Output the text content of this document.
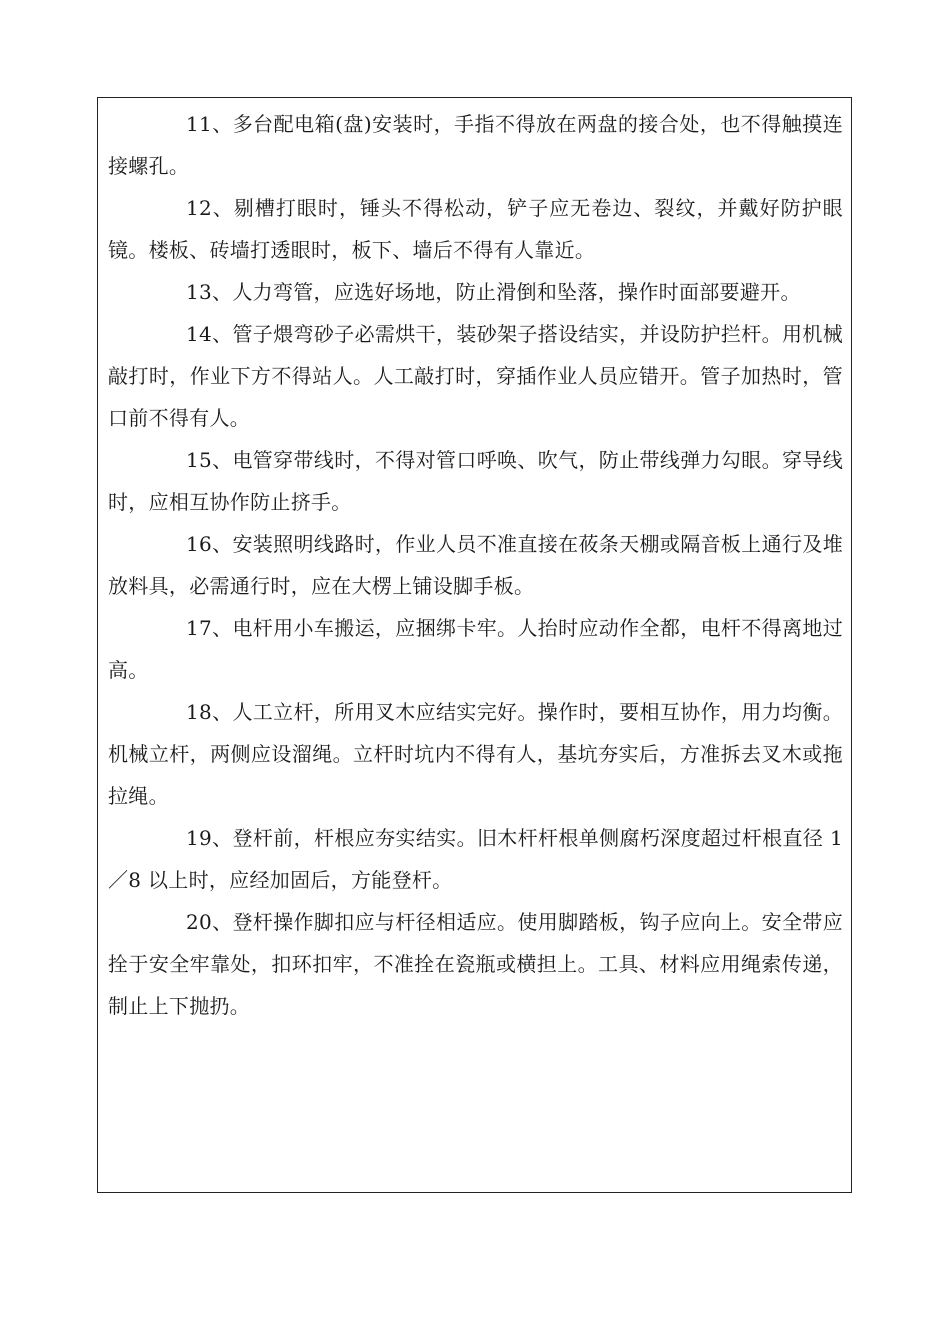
11、多台配电箱(盘)安装时，手指不得放在两盘的接合处，也不得触摸连接螺孔。

12、剔槽打眼时，锤头不得松动，铲子应无卷边、裂纹，并戴好防护眼镜。楼板、砖墙打透眼时，板下、墙后不得有人靠近。

13、人力弯管，应选好场地，防止滑倒和坠落，操作时面部要避开。

14、管子煨弯砂子必需烘干，装砂架子搭设结实，并设防护拦杆。用机械敲打时，作业下方不得站人。人工敲打时，穿插作业人员应错开。管子加热时，管口前不得有人。

15、电管穿带线时，不得对管口呼唤、吹气，防止带线弹力勾眼。穿导线时，应相互协作防止挤手。

16、安装照明线路时，作业人员不准直接在莜条天棚或隔音板上通行及堆放料具，必需通行时，应在大楞上铺设脚手板。

17、电杆用小车搬运，应捆绑卡牢。人抬时应动作全都，电杆不得离地过高。

18、人工立杆，所用叉木应结实完好。操作时，要相互协作，用力均衡。机械立杆，两侧应设溜绳。立杆时坑内不得有人，基坑夯实后，方准拆去叉木或拖拉绳。

19、登杆前，杆根应夯实结实。旧木杆杆根单侧腐朽深度超过杆根直径 1／8 以上时，应经加固后，方能登杆。

20、登杆操作脚扣应与杆径相适应。使用脚踏板，钩子应向上。安全带应拴于安全牢靠处，扣环扣牢，不准拴在瓷瓶或横担上。工具、材料应用绳索传递，制止上下抛扔。
